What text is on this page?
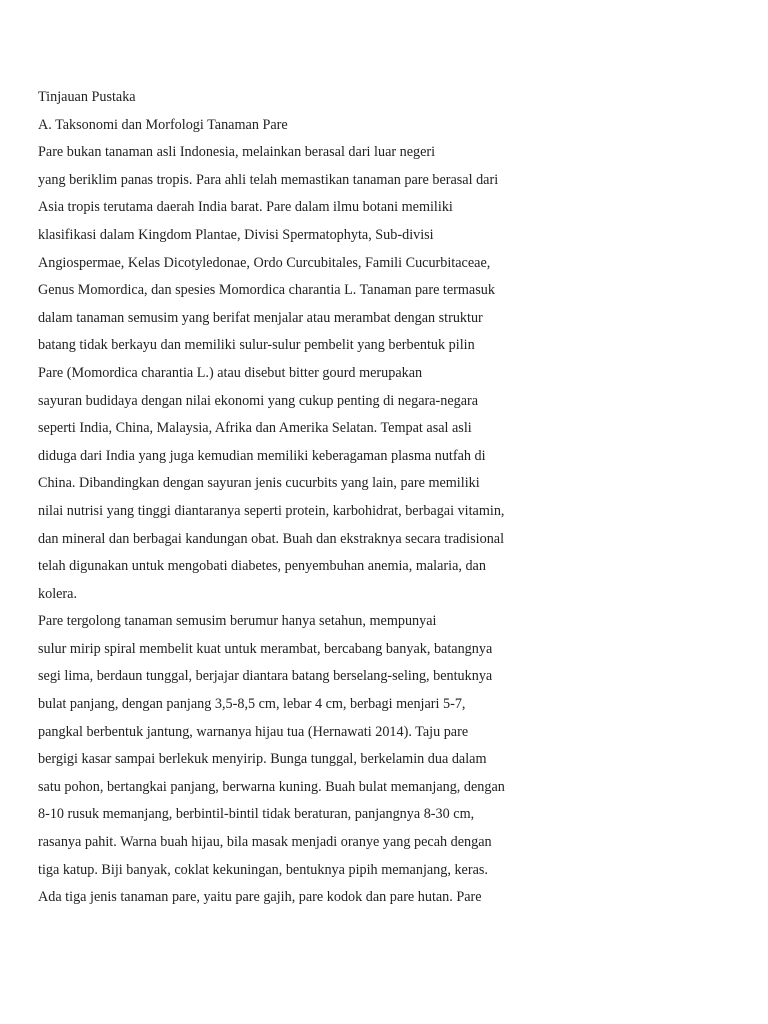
Tinjauan Pustaka
A. Taksonomi dan Morfologi Tanaman Pare
Pare bukan tanaman asli Indonesia, melainkan berasal dari luar negeri
yang beriklim panas tropis. Para ahli telah memastikan tanaman pare berasal dari
Asia tropis terutama daerah India barat. Pare dalam ilmu botani memiliki
klasifikasi dalam Kingdom Plantae, Divisi Spermatophyta, Sub-divisi
Angiospermae, Kelas Dicotyledonae, Ordo Curcubitales, Famili Cucurbitaceae,
Genus Momordica, dan spesies Momordica charantia L. Tanaman pare termasuk
dalam tanaman semusim yang berifat menjalar atau merambat dengan struktur
batang tidak berkayu dan memiliki sulur-sulur pembelit yang berbentuk pilin
Pare (Momordica charantia L.) atau disebut bitter gourd merupakan
sayuran budidaya dengan nilai ekonomi yang cukup penting di negara-negara
seperti India, China, Malaysia, Afrika dan Amerika Selatan. Tempat asal asli
diduga dari India yang juga kemudian memiliki keberagaman plasma nutfah di
China. Dibandingkan dengan sayuran jenis cucurbits yang lain, pare memiliki
nilai nutrisi yang tinggi diantaranya seperti protein, karbohidrat, berbagai vitamin,
dan mineral dan berbagai kandungan obat. Buah dan ekstraknya secara tradisional
telah digunakan untuk mengobati diabetes, penyembuhan anemia, malaria, dan
kolera.
Pare tergolong tanaman semusim berumur hanya setahun, mempunyai
sulur mirip spiral membelit kuat untuk merambat, bercabang banyak, batangnya
segi lima, berdaun tunggal, berjajar diantara batang berselang-seling, bentuknya
bulat panjang, dengan panjang 3,5-8,5 cm, lebar 4 cm, berbagi menjari 5-7,
pangkal berbentuk jantung, warnanya hijau tua (Hernawati 2014). Taju pare
bergigi kasar sampai berlekuk menyirip. Bunga tunggal, berkelamin dua dalam
satu pohon, bertangkai panjang, berwarna kuning. Buah bulat memanjang, dengan
8-10 rusuk memanjang, berbintil-bintil tidak beraturan, panjangnya 8-30 cm,
rasanya pahit. Warna buah hijau, bila masak menjadi oranye yang pecah dengan
tiga katup. Biji banyak, coklat kekuningan, bentuknya pipih memanjang, keras.
Ada tiga jenis tanaman pare, yaitu pare gajih, pare kodok dan pare hutan. Pare
